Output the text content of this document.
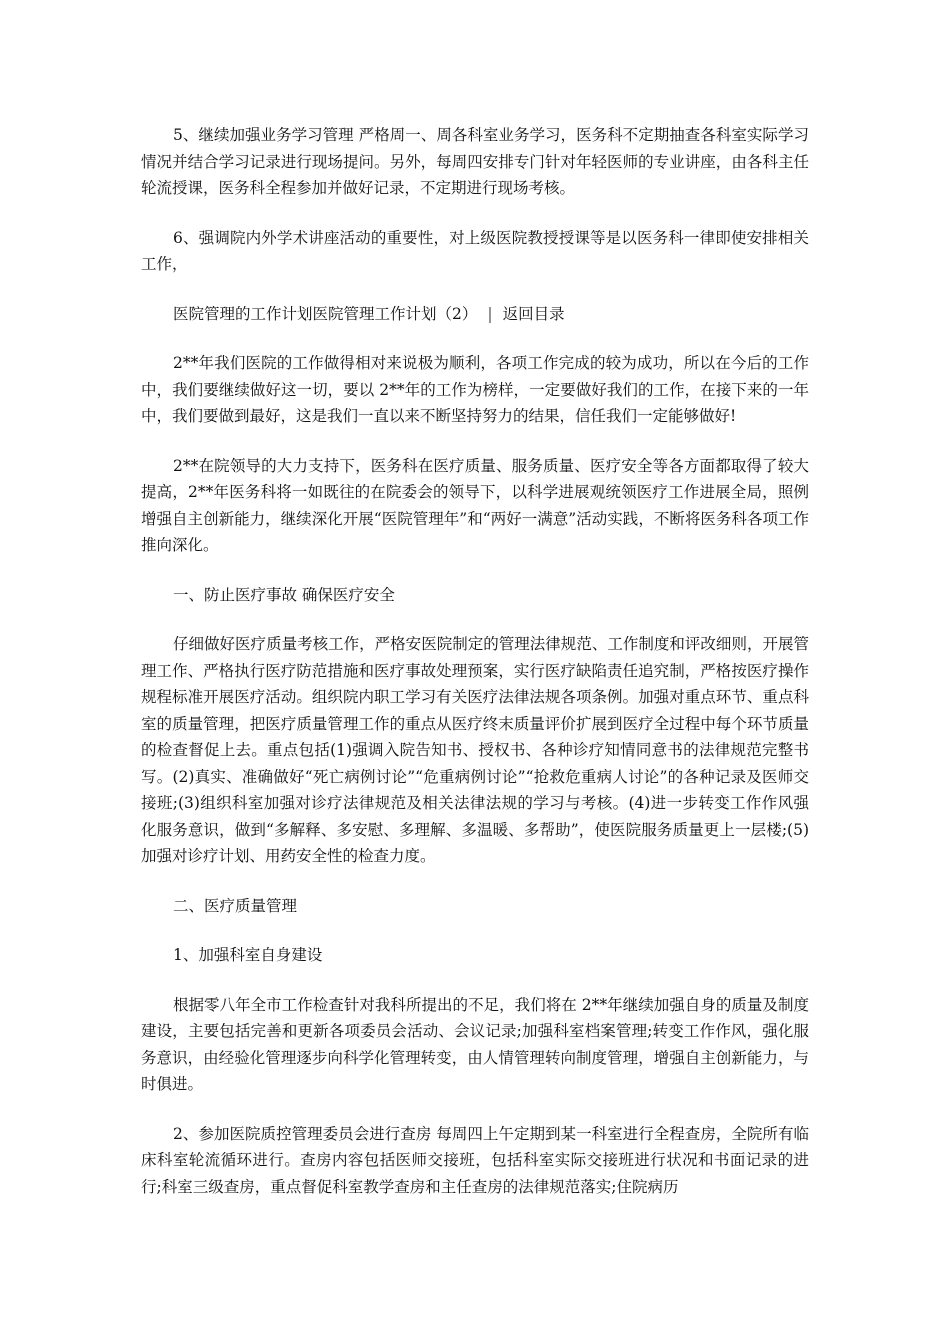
5、继续加强业务学习管理 严格周一、周各科室业务学习，医务科不定期抽查各科室实际学习情况并结合学习记录进行现场提问。另外，每周四安排专门针对年轻医师的专业讲座，由各科主任轮流授课，医务科全程参加并做好记录，不定期进行现场考核。

6、强调院内外学术讲座活动的重要性，对上级医院教授授课等是以医务科一律即使安排相关工作，

医院管理的工作计划医院管理工作计划（2） | 返回目录

2**年我们医院的工作做得相对来说极为顺利，各项工作完成的较为成功，所以在今后的工作中，我们要继续做好这一切，要以 2**年的工作为榜样，一定要做好我们的工作，在接下来的一年中，我们要做到最好，这是我们一直以来不断坚持努力的结果，信任我们一定能够做好!

2**在院领导的大力支持下，医务科在医疗质量、服务质量、医疗安全等各方面都取得了较大提高，2**年医务科将一如既往的在院委会的领导下，以科学进展观统领医疗工作进展全局，照例增强自主创新能力，继续深化开展“医院管理年”和“两好一满意”活动实践，不断将医务科各项工作推向深化。

一、防止医疗事故 确保医疗安全

仔细做好医疗质量考核工作，严格安医院制定的管理法律规范、工作制度和评改细则，开展管理工作、严格执行医疗防范措施和医疗事故处理预案，实行医疗缺陷责任追究制，严格按医疗操作规程标准开展医疗活动。组织院内职工学习有关医疗法律法规各项条例。加强对重点环节、重点科室的质量管理，把医疗质量管理工作的重点从医疗终末质量评价扩展到医疗全过程中每个环节质量的检查督促上去。重点包括(1)强调入院告知书、授权书、各种诊疗知情同意书的法律规范完整书写。(2)真实、准确做好“死亡病例讨论”“危重病例讨论”“抢救危重病人讨论”的各种记录及医师交接班;(3)组织科室加强对诊疗法律规范及相关法律法规的学习与考核。(4)进一步转变工作作风强化服务意识，做到“多解释、多安慰、多理解、多温暖、多帮助”，使医院服务质量更上一层楼;(5)加强对诊疗计划、用药安全性的检查力度。

二、医疗质量管理

1、加强科室自身建设

根据零八年全市工作检查针对我科所提出的不足，我们将在 2**年继续加强自身的质量及制度建设，主要包括完善和更新各项委员会活动、会议记录;加强科室档案管理;转变工作作风，强化服务意识，由经验化管理逐步向科学化管理转变，由人情管理转向制度管理，增强自主创新能力，与时俱进。

2、参加医院质控管理委员会进行查房 每周四上午定期到某一科室进行全程查房，全院所有临床科室轮流循环进行。查房内容包括医师交接班，包括科室实际交接班进行状况和书面记录的进行;科室三级查房，重点督促科室教学查房和主任查房的法律规范落实;住院病历
